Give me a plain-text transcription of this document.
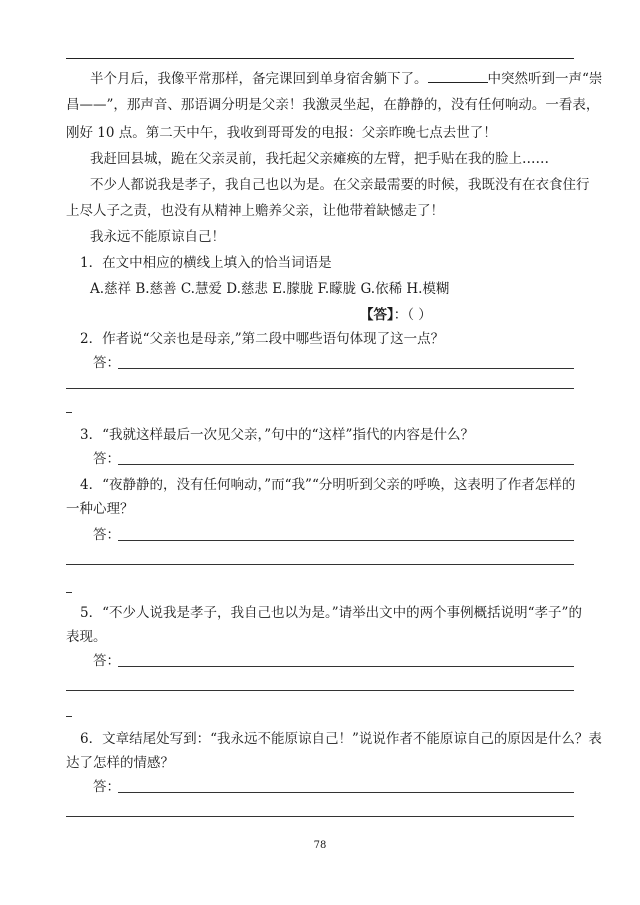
半个月后，我像平常那样，备完课回到单身宿舍躺下了。	中突然听到一声“崇

昌——”，那声音、那语调分明是父亲！我激灵坐起，在静静的，没有任何响动。一看表，

刚好 10 点。第二天中午，我收到哥哥发的电报：父亲昨晚七点去世了！

我赶回县城，跪在父亲灵前，我托起父亲瘫痪的左臂，把手贴在我的脸上……

不少人都说我是孝子，我自己也以为是。在父亲最需要的时候，我既没有在衣食住行

上尽人子之责，也没有从精神上赡养父亲，让他带着缺憾走了！

我永远不能原谅自己！

1．在文中相应的横线上填入的恰当词语是

A.慈祥 B.慈善 C.慧爱 D.慈悲 E.朦胧 F.矇胧 G.依稀 H.模糊

【答】：（ ）

2．作者说“父亲也是母亲,”第二段中哪些语句体现了这一点？

答：

3．“我就这样最后一次见父亲，”句中的“这样”指代的内容是什么？

答：

4．“夜静静的，没有任何响动，”而“我”“分明听到父亲的呼唤，这表明了作者怎样的

一种心理？

答：

5．“不少人说我是孝子，我自己也以为是。”请举出文中的两个事例概括说明“孝子”的

表现。

答：

6．文章结尾处写到：“我永远不能原谅自己！”说说作者不能原谅自己的原因是什么？表

达了怎样的情感？

答：

78
